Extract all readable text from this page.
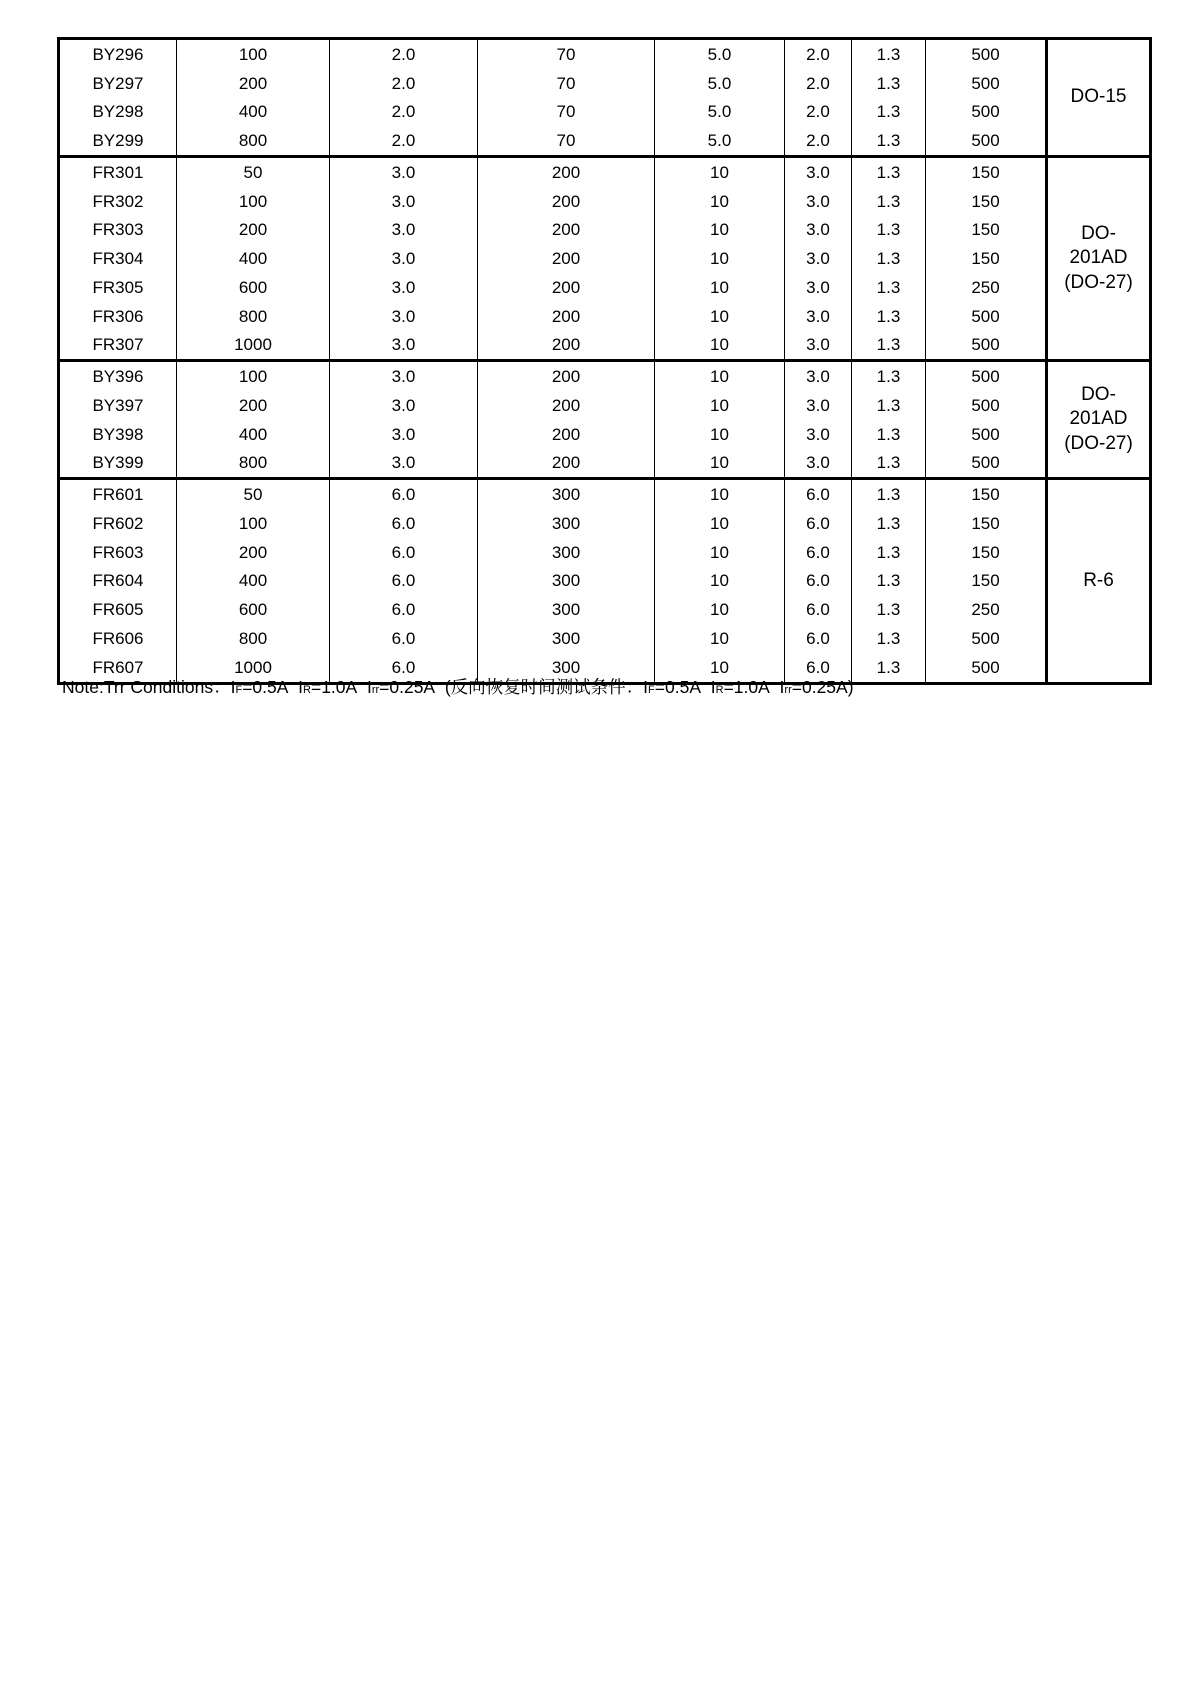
BY296	100	2.0	70	5.0	2.0	1.3	500	DO-15

BY297	200	2.0	70	5.0	2.0	1.3	500	
BY298	400	2.0	70	5.0	2.0	1.3	500	
BY299	800	2.0	70	5.0	2.0	1.3	500	
FR301	50	3.0	200	10	3.0	1.3	150	DO-
201AD
(DO-27)

FR302	100	3.0	200	10	3.0	1.3	150	
FR303	200	3.0	200	10	3.0	1.3	150	
FR304	400	3.0	200	10	3.0	1.3	150	
FR305	600	3.0	200	10	3.0	1.3	250	
FR306	800	3.0	200	10	3.0	1.3	500	
FR307	1000	3.0	200	10	3.0	1.3	500	
BY396	100	3.0	200	10	3.0	1.3	500	DO-
201AD
(DO-27)

BY397	200	3.0	200	10	3.0	1.3	500	
BY398	400	3.0	200	10	3.0	1.3	500	
BY399	800	3.0	200	10	3.0	1.3	500	
FR601	50	6.0	300	10	6.0	1.3	150	R-6

FR602	100	6.0	300	10	6.0	1.3	150	
FR603	200	6.0	300	10	6.0	1.3	150	
FR604	400	6.0	300	10	6.0	1.3	150	
FR605	600	6.0	300	10	6.0	1.3	250	
FR606	800	6.0	300	10	6.0	1.3	500	
FR607	1000	6.0	300	10	6.0	1.3	500	
Note:Trr Conditions：IF=0.5A IR=1.0A Irr=0.25A (反向恢复时间测试条件：IF=0.5A IR=1.0A Irr=0.25A)
